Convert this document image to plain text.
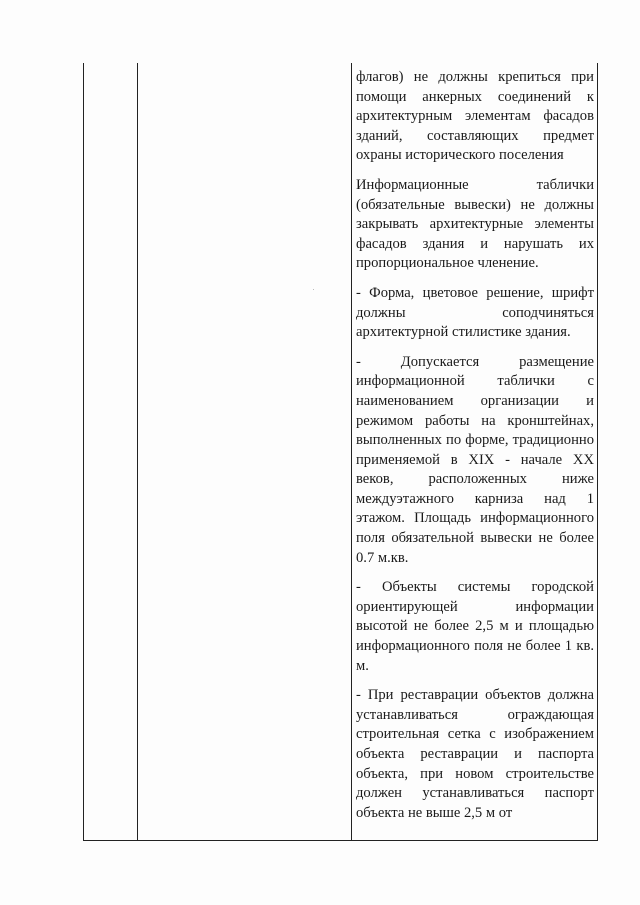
флагов) не должны крепиться при помощи анкерных соединений к архитектурным элементам фасадов зданий, составляющих предмет охраны исторического поселения

Информационные таблички (обязательные вывески) не должны закрывать архитектурные элементы фасадов здания и нарушать их пропорциональное членение.

- Форма, цветовое решение, шрифт должны соподчиняться архитектурной стилистике здания.

- Допускается размещение информационной таблички с наименованием организации и режимом работы на кронштейнах, выполненных по форме, традиционно применяемой в XIX - начале XX веков, расположенных ниже междуэтажного карниза над 1 этажом. Площадь информационного поля обязательной вывески не более 0.7 м.кв.

- Объекты системы городской ориентирующей информации высотой не более 2,5 м и площадью информационного поля не более 1 кв. м.

- При реставрации объектов должна устанавливаться ограждающая строительная сетка с изображением объекта реставрации и паспорта объекта, при новом строительстве должен устанавливаться паспорт объекта не выше 2,5 м от
